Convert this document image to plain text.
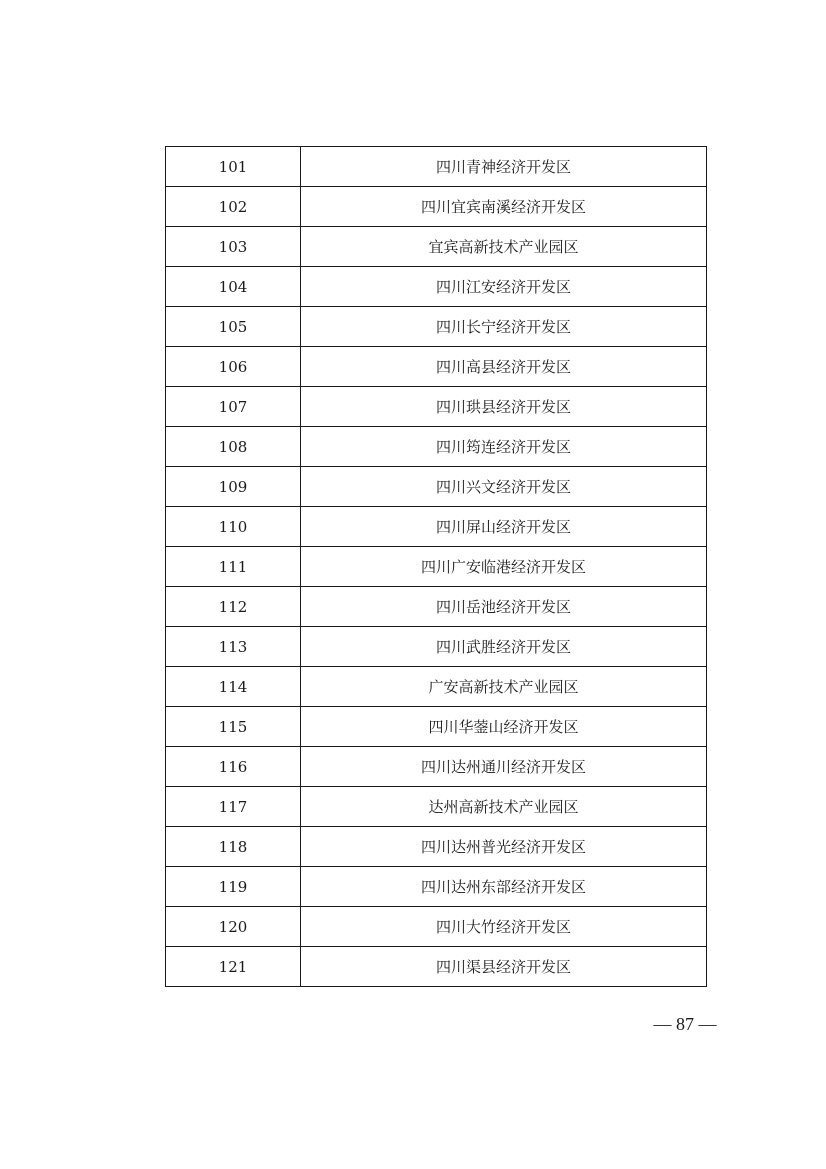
101	四川青神经济开发区
102	四川宜宾南溪经济开发区
103	宜宾高新技术产业园区
104	四川江安经济开发区
105	四川长宁经济开发区
106	四川高县经济开发区
107	四川珙县经济开发区
108	四川筠连经济开发区
109	四川兴文经济开发区
110	四川屏山经济开发区
111	四川广安临港经济开发区
112	四川岳池经济开发区
113	四川武胜经济开发区
114	广安高新技术产业园区
115	四川华蓥山经济开发区
116	四川达州通川经济开发区
117	达州高新技术产业园区
118	四川达州普光经济开发区
119	四川达州东部经济开发区
120	四川大竹经济开发区
121	四川渠县经济开发区
— 87 —
